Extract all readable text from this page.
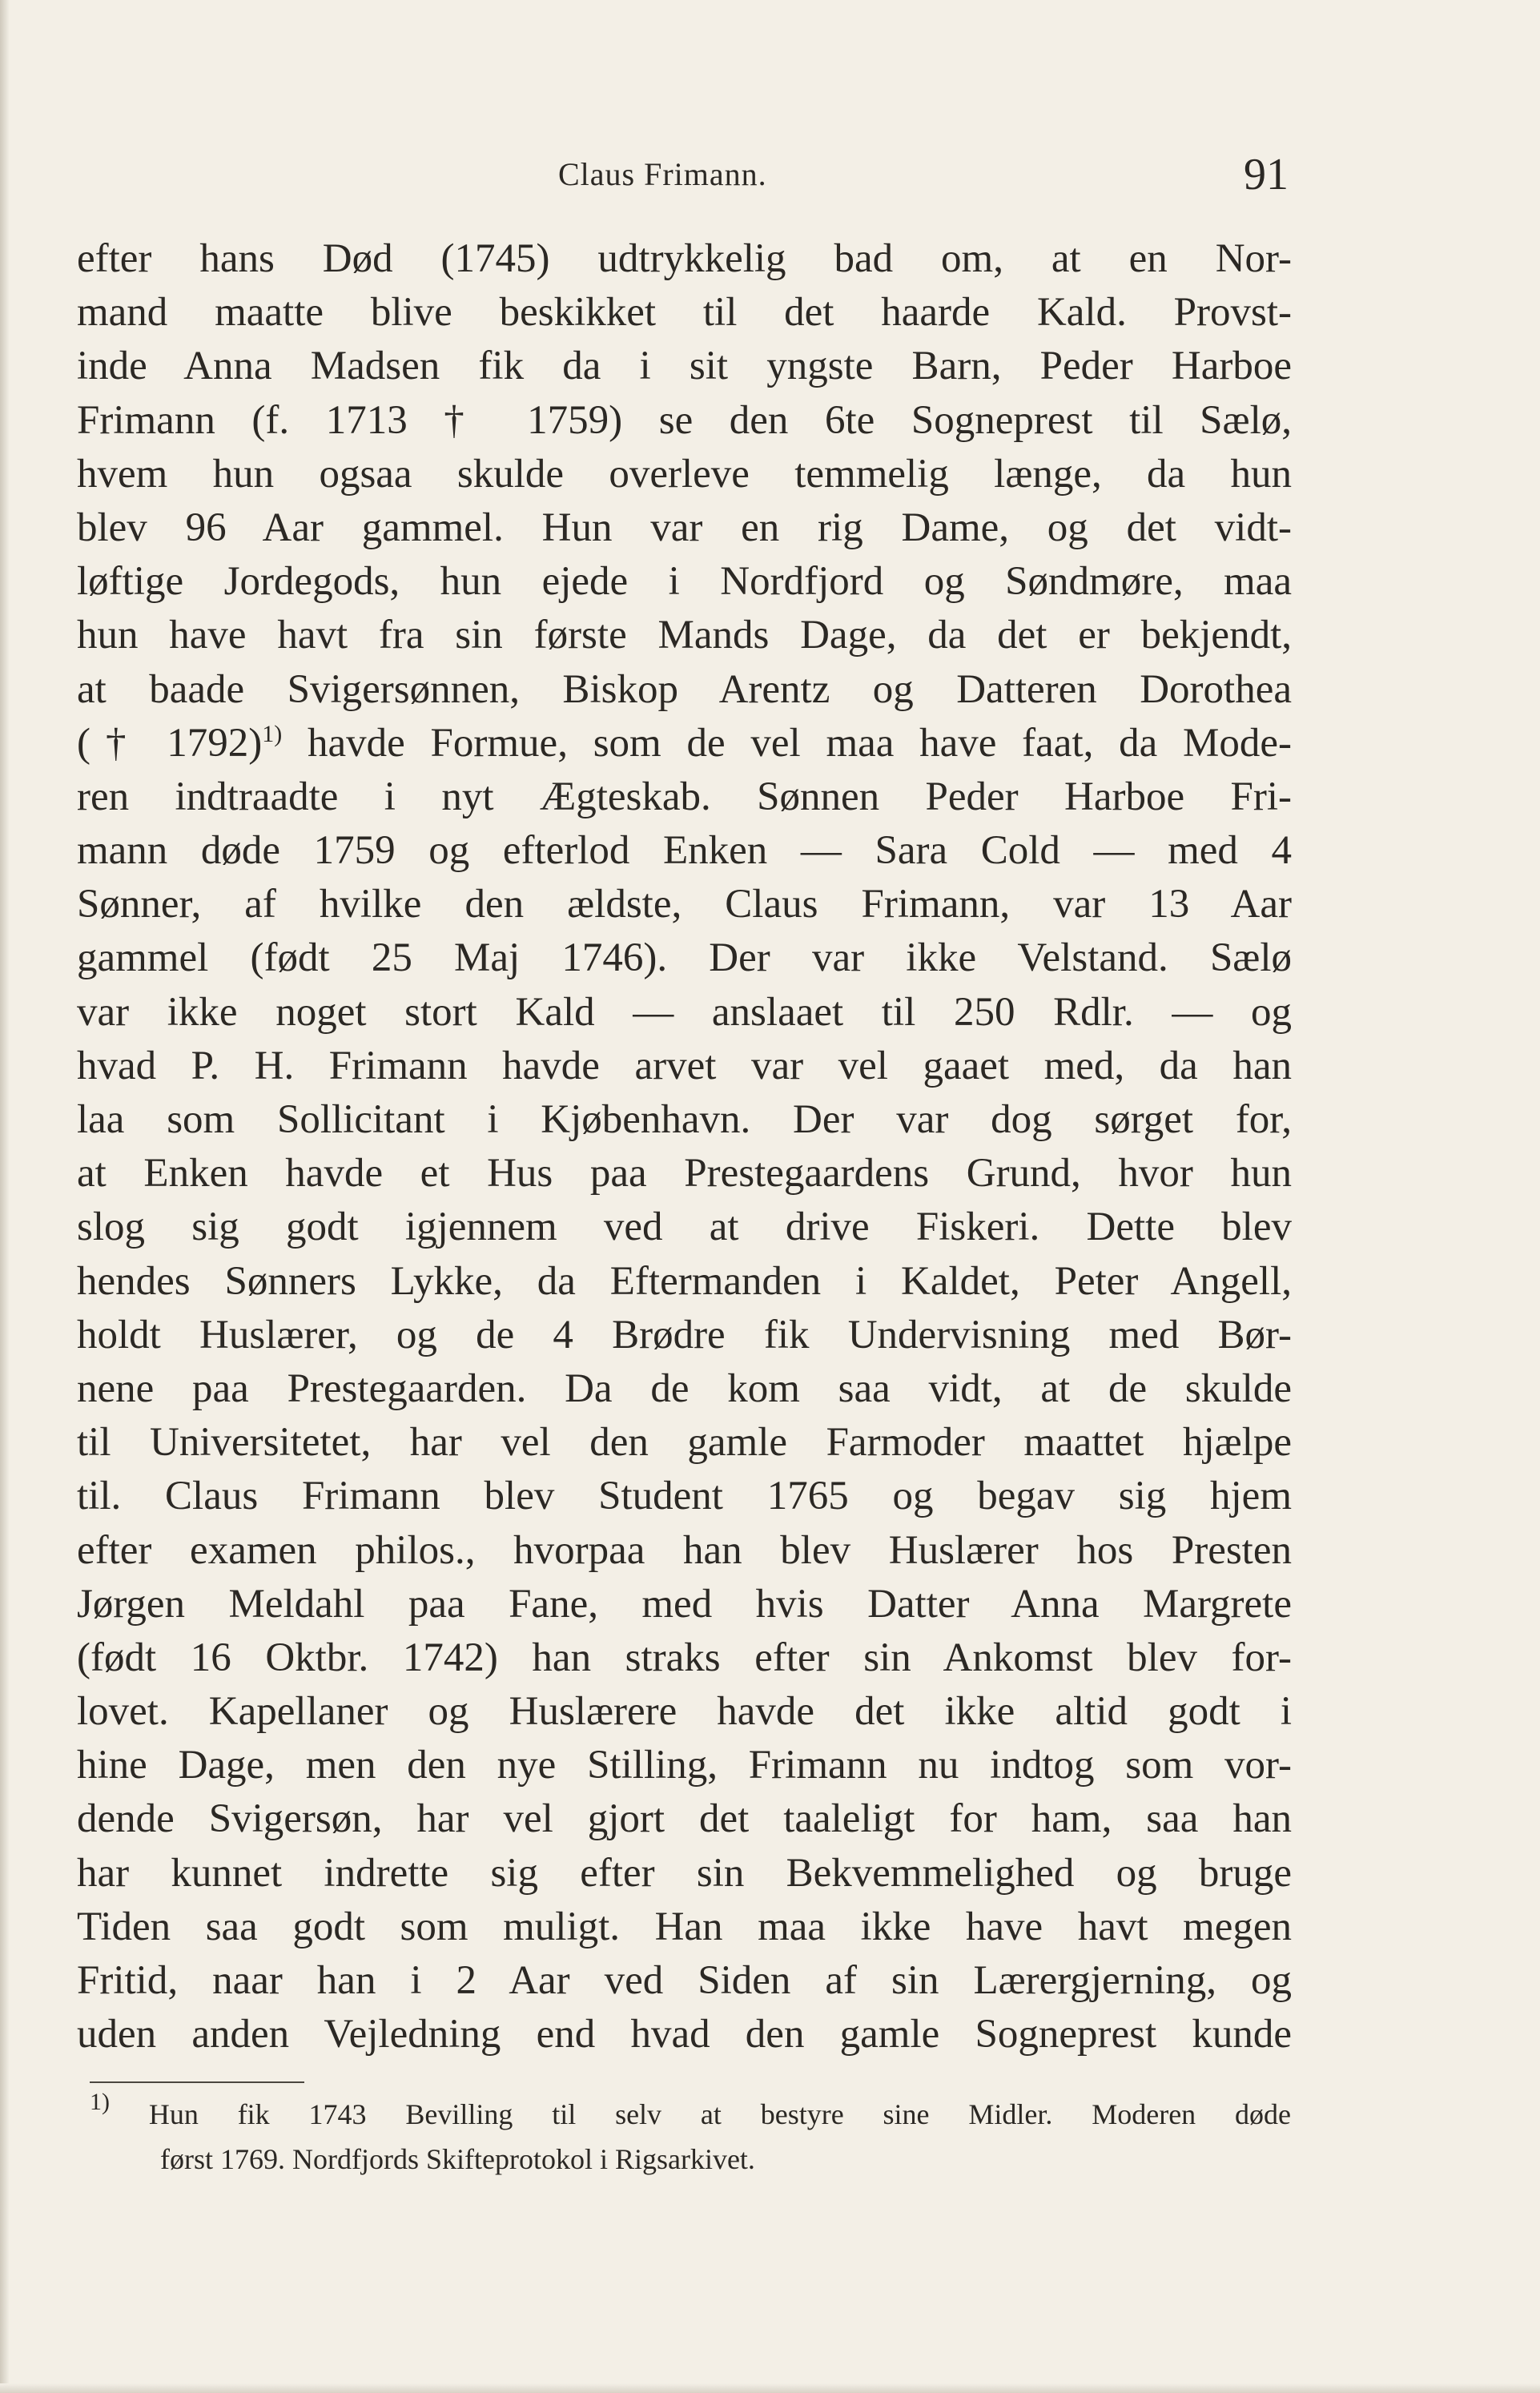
Claus Frimann.	91
efter hans Død (1745) udtrykkelig bad om, at en Nor-
mand maatte blive beskikket til det haarde Kald. Provst-
inde Anna Madsen fik da i sit yngste Barn, Peder Harboe
Frimann (f. 1713 † 1759) se den 6te Sogneprest til Sælø,
hvem hun ogsaa skulde overleve temmelig længe, da hun
blev 96 Aar gammel. Hun var en rig Dame, og det vidt-
løftige Jordegods, hun ejede i Nordfjord og Søndmøre, maa
hun have havt fra sin første Mands Dage, da det er bekjendt,
at baade Svigersønnen, Biskop Arentz og Datteren Dorothea
(† 1792)$^{1)}$ havde Formue, som de vel maa have faat, da Mode-
ren indtraadte i nyt Ægteskab. Sønnen Peder Harboe Fri-
mann døde 1759 og efterlod Enken — Sara Cold — med 4
Sønner, af hvilke den ældste, Claus Frimann, var 13 Aar
gammel (født 25 Maj 1746). Der var ikke Velstand. Sælø
var ikke noget stort Kald — anslaaet til 250 Rdlr. — og
hvad P. H. Frimann havde arvet var vel gaaet med, da han
laa som Sollicitant i Kjøbenhavn. Der var dog sørget for,
at Enken havde et Hus paa Prestegaardens Grund, hvor hun
slog sig godt igjennem ved at drive Fiskeri. Dette blev
hendes Sønners Lykke, da Eftermanden i Kaldet, Peter Angell,
holdt Huslærer, og de 4 Brødre fik Undervisning med Bør-
nene paa Prestegaarden. Da de kom saa vidt, at de skulde
til Universitetet, har vel den gamle Farmoder maattet hjælpe
til. Claus Frimann blev Student 1765 og begav sig hjem
efter examen philos., hvorpaa han blev Huslærer hos Presten
Jørgen Meldahl paa Fane, med hvis Datter Anna Margrete
(født 16 Oktbr. 1742) han straks efter sin Ankomst blev for-
lovet. Kapellaner og Huslærere havde det ikke altid godt i
hine Dage, men den nye Stilling, Frimann nu indtog som vor-
dende Svigersøn, har vel gjort det taaleligt for ham, saa han
har kunnet indrette sig efter sin Bekvemmelighed og bruge
Tiden saa godt som muligt. Han maa ikke have havt megen
Fritid, naar han i 2 Aar ved Siden af sin Lærergjerning, og
uden anden Vejledning end hvad den gamle Sogneprest kunde
$^{1)}$ Hun fik 1743 Bevilling til selv at bestyre sine Midler. Moderen døde
først 1769. Nordfjords Skifteprotokol i Rigsarkivet.
